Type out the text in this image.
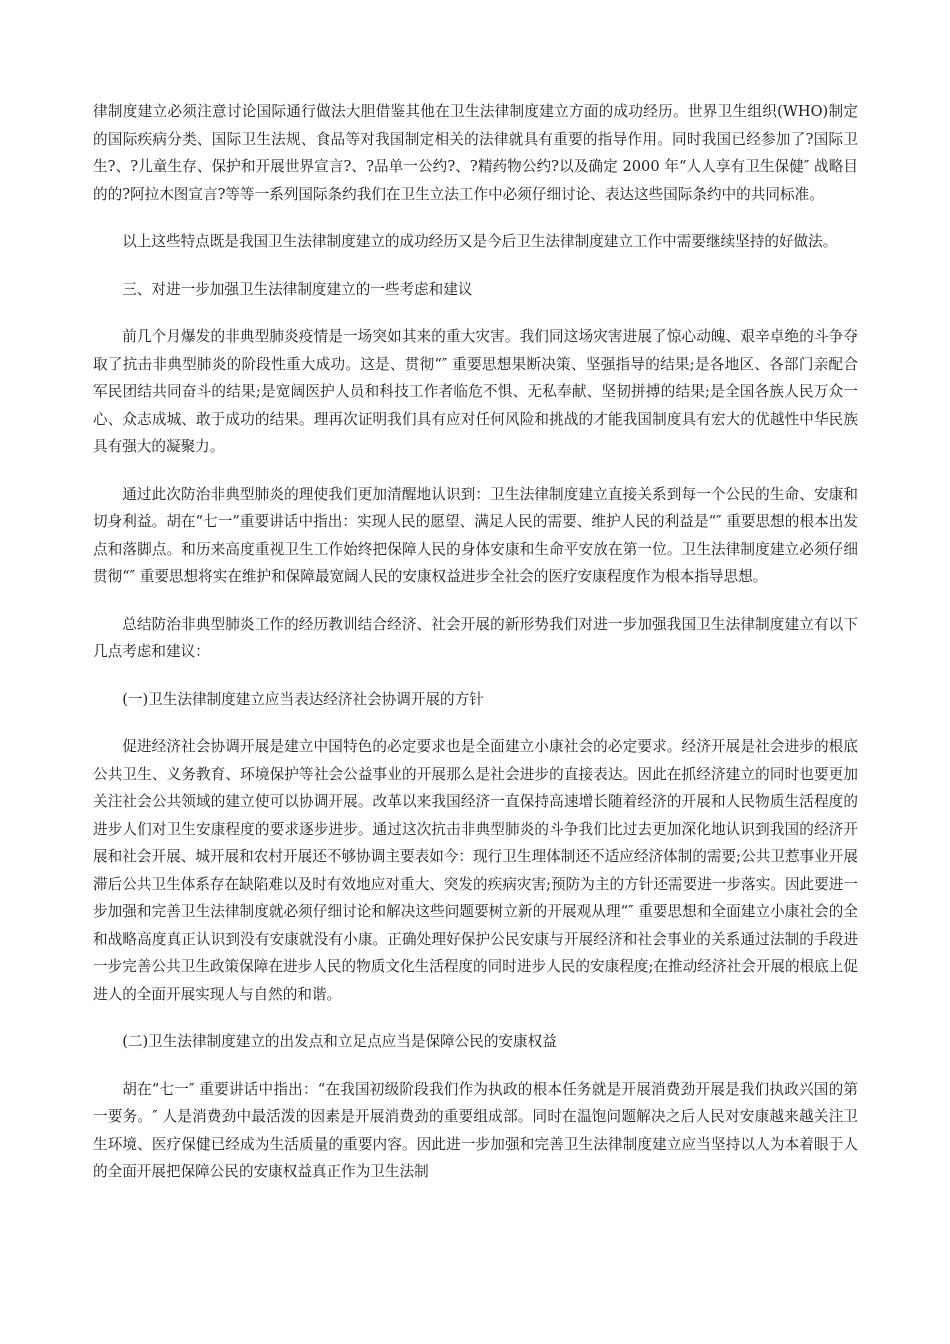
律制度建立必须注意讨论国际通行做法大胆借鉴其他在卫生法律制度建立方面的成功经历。世界卫生组织(WHO)制定的国际疾病分类、国际卫生法规、食品等对我国制定相关的法律就具有重要的指导作用。同时我国已经参加了?国际卫生?、?儿童生存、保护和开展世界宣言?、?品单一公约?、?精药物公约?以及确定 2000 年“人人享有卫生保健″ 战略目的的?阿拉木图宣言?等等一系列国际条约我们在卫生立法工作中必须仔细讨论、表达这些国际条约中的共同标准。

以上这些特点既是我国卫生法律制度建立的成功经历又是今后卫生法律制度建立工作中需要继续坚持的好做法。

三、对进一步加强卫生法律制度建立的一些考虑和建议

前几个月爆发的非典型肺炎疫情是一场突如其来的重大灾害。我们同这场灾害进展了惊心动魄、艰辛卓绝的斗争夺取了抗击非典型肺炎的阶段性重大成功。这是、贯彻“″ 重要思想果断决策、坚强指导的结果;是各地区、各部门亲配合军民团结共同奋斗的结果;是宽阔医护人员和科技工作者临危不惧、无私奉献、坚韧拼搏的结果;是全国各族人民万众一心、众志成城、敢于成功的结果。理再次证明我们具有应对任何风险和挑战的才能我国制度具有宏大的优越性中华民族具有强大的凝聚力。

通过此次防治非典型肺炎的理使我们更加清醒地认识到：卫生法律制度建立直接关系到每一个公民的生命、安康和切身利益。胡在“七一”重要讲话中指出：实现人民的愿望、满足人民的需要、维护人民的利益是“″ 重要思想的根本出发点和落脚点。和历来高度重视卫生工作始终把保障人民的身体安康和生命平安放在第一位。卫生法律制度建立必须仔细贯彻“″ 重要思想将实在维护和保障最宽阔人民的安康权益进步全社会的医疗安康程度作为根本指导思想。

总结防治非典型肺炎工作的经历教训结合经济、社会开展的新形势我们对进一步加强我国卫生法律制度建立有以下几点考虑和建议：

(一)卫生法律制度建立应当表达经济社会协调开展的方针

促进经济社会协调开展是建立中国特色的必定要求也是全面建立小康社会的必定要求。经济开展是社会进步的根底公共卫生、义务教育、环境保护等社会公益事业的开展那么是社会进步的直接表达。因此在抓经济建立的同时也要更加关注社会公共领域的建立使可以协调开展。改革以来我国经济一直保持高速增长随着经济的开展和人民物质生活程度的进步人们对卫生安康程度的要求逐步进步。通过这次抗击非典型肺炎的斗争我们比过去更加深化地认识到我国的经济开展和社会开展、城开展和农村开展还不够协调主要表如今：现行卫生理体制还不适应经济体制的需要;公共卫惹事业开展滞后公共卫生体系存在缺陷难以及时有效地应对重大、突发的疾病灾害;预防为主的方针还需要进一步落实。因此要进一步加强和完善卫生法律制度就必须仔细讨论和解决这些问题要树立新的开展观从理“″ 重要思想和全面建立小康社会的全和战略高度真正认识到没有安康就没有小康。正确处理好保护公民安康与开展经济和社会事业的关系通过法制的手段进一步完善公共卫生政策保障在进步人民的物质文化生活程度的同时进步人民的安康程度;在推动经济社会开展的根底上促进人的全面开展实现人与自然的和谐。

(二)卫生法律制度建立的出发点和立足点应当是保障公民的安康权益

胡在“七一″ 重要讲话中指出：“在我国初级阶段我们作为执政的根本任务就是开展消费劲开展是我们执政兴国的第一要务。″ 人是消费劲中最活泼的因素是开展消费劲的重要组成部。同时在温饱问题解决之后人民对安康越来越关注卫生环境、医疗保健已经成为生活质量的重要内容。因此进一步加强和完善卫生法律制度建立应当坚持以人为本着眼于人的全面开展把保障公民的安康权益真正作为卫生法制
